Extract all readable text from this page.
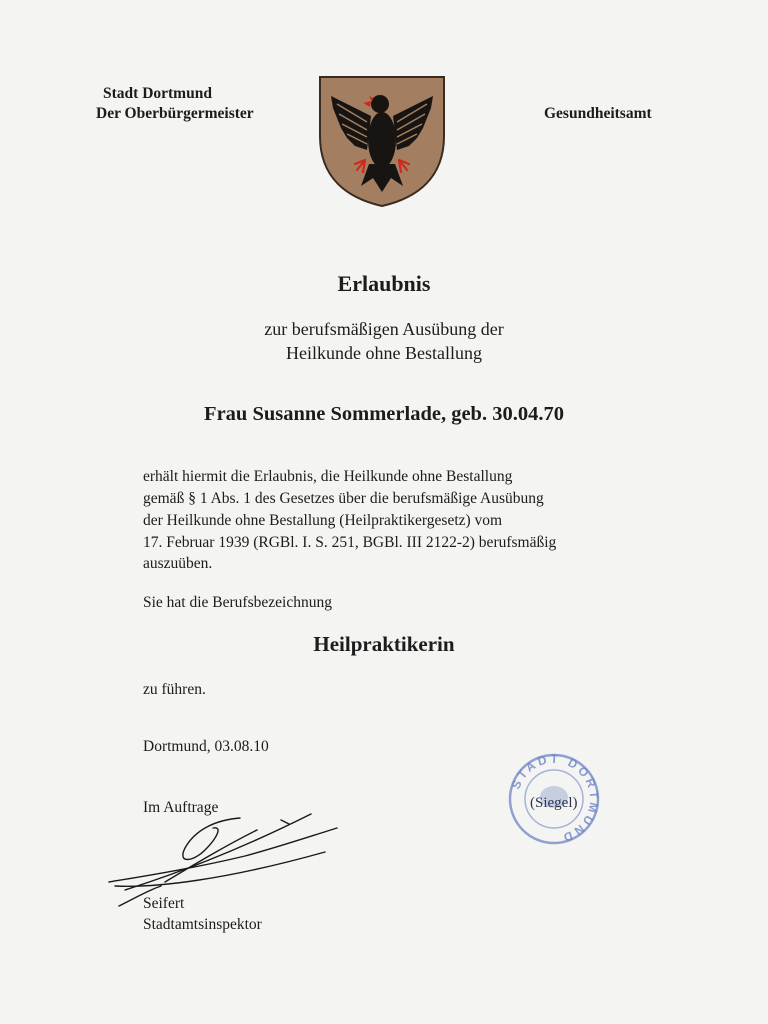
Stadt Dortmund
Der Oberbürgermeister	Gesundheitsamt
Erlaubnis
zur berufsmäßigen Ausübung der
Heilkunde ohne Bestallung
Frau Susanne Sommerlade, geb. 30.04.70
erhält hiermit die Erlaubnis, die Heilkunde ohne Bestallung
gemäß § 1 Abs. 1 des Gesetzes über die berufsmäßige Ausübung
der Heilkunde ohne Bestallung (Heilpraktikergesetz) vom
17. Februar 1939 (RGBl. I. S. 251, BGBl. III 2122-2) berufsmäßig
auszuüben.
Sie hat die Berufsbezeichnung
Heilpraktikerin
zu führen.
Dortmund, 03.08.10
Im Auftrage
Seifert
Stadtamtsinspektor
STADT DORTMUND
(Siegel)
